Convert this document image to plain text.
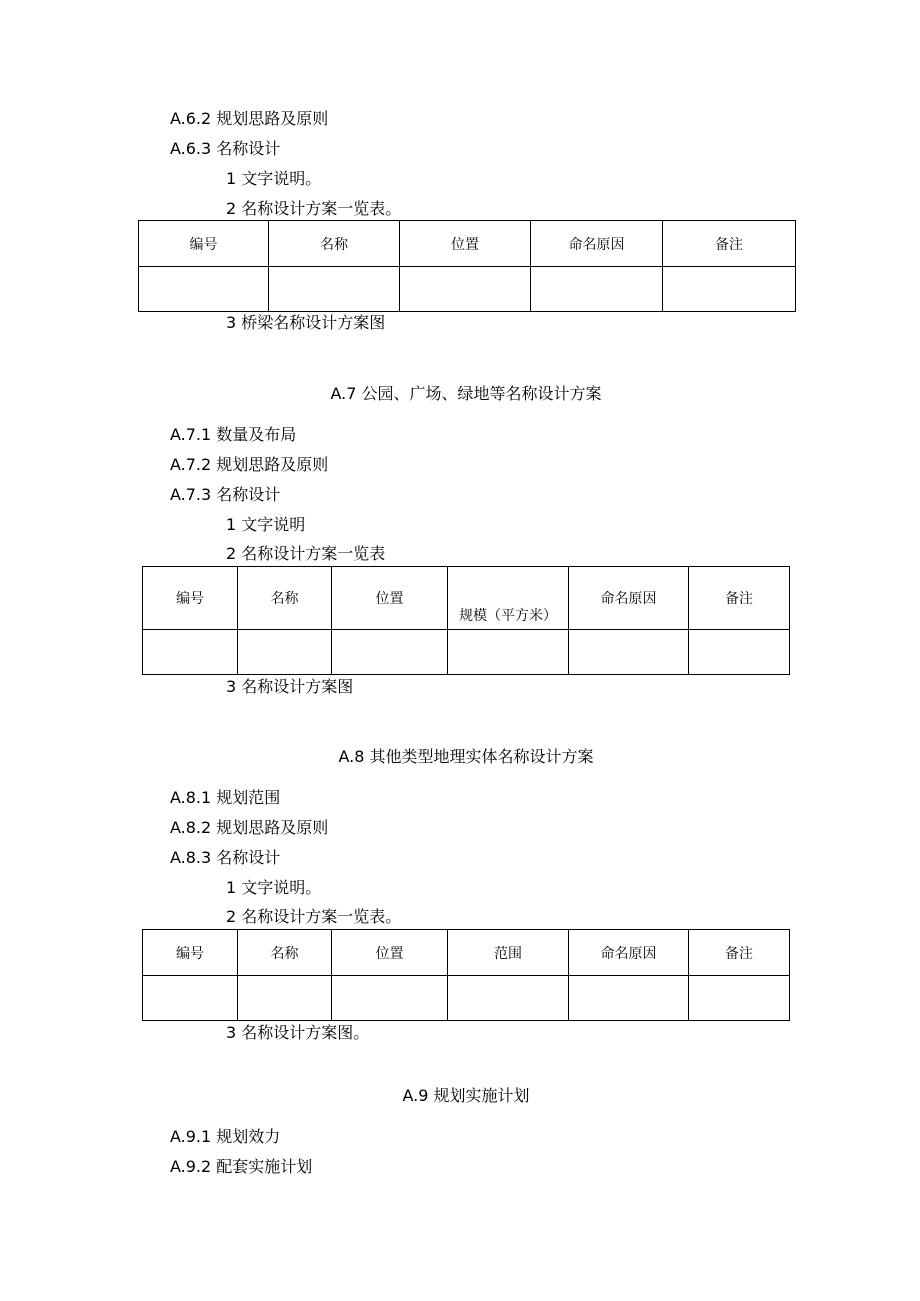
A.6.2 规划思路及原则
A.6.3 名称设计
1 文字说明。
2 名称设计方案一览表。
编号	名称	位置	命名原因	备注

3 桥梁名称设计方案图
A.7 公园、广场、绿地等名称设计方案
A.7.1 数量及布局
A.7.2 规划思路及原则
A.7.3 名称设计
1 文字说明
2 名称设计方案一览表
编号	名称	位置	规模（平方米）	命名原因	备注

3 名称设计方案图
A.8 其他类型地理实体名称设计方案
A.8.1 规划范围
A.8.2 规划思路及原则
A.8.3 名称设计
1 文字说明。
2 名称设计方案一览表。
编号	名称	位置	范围	命名原因	备注

3 名称设计方案图。
A.9 规划实施计划
A.9.1 规划效力
A.9.2 配套实施计划
